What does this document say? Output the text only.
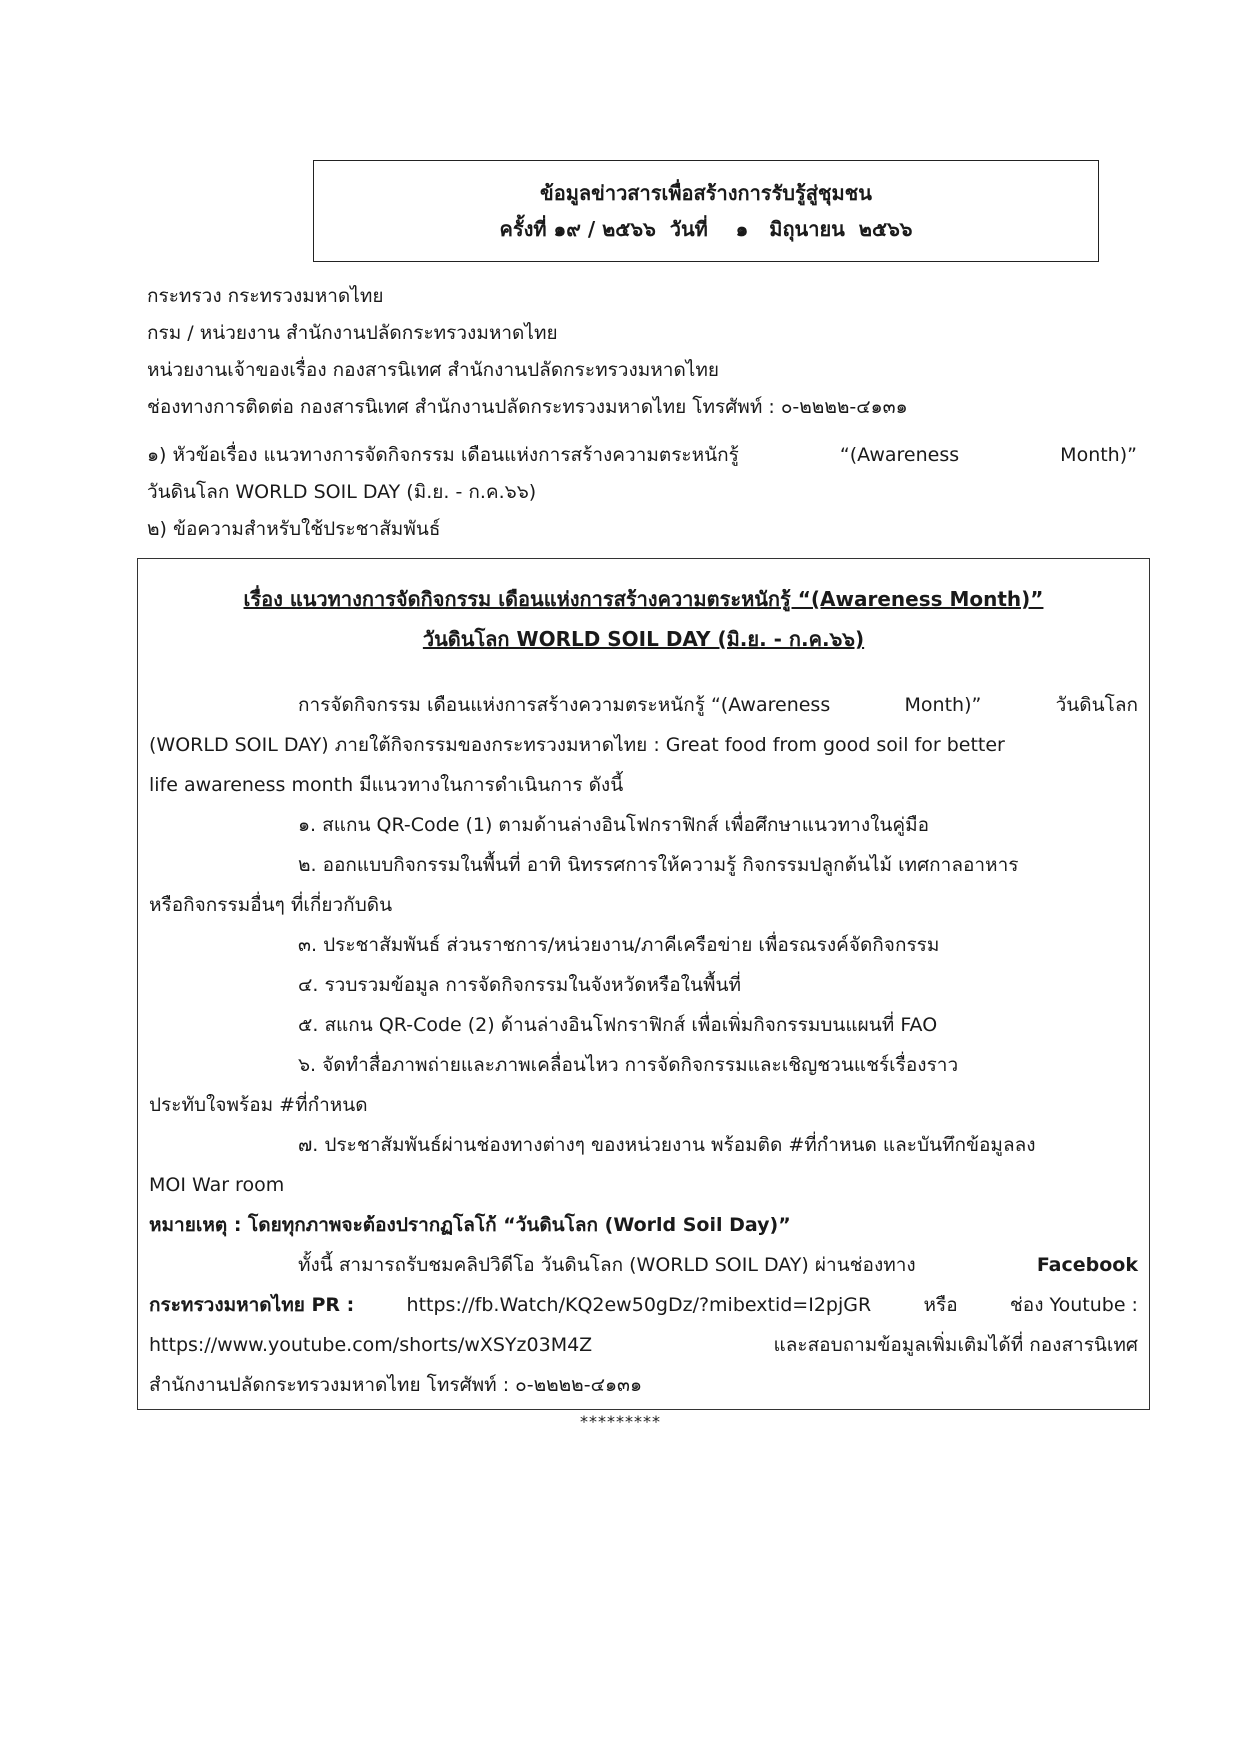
ข้อมูลข่าวสารเพื่อสร้างการรับรู้สู่ชุมชน
ครั้งที่ ๑๙ / ๒๕๖๖  วันที่    ๑   มิถุนายน  ๒๕๖๖
กระทรวง กระทรวงมหาดไทย
กรม / หน่วยงาน สำนักงานปลัดกระทรวงมหาดไทย
หน่วยงานเจ้าของเรื่อง กองสารนิเทศ สำนักงานปลัดกระทรวงมหาดไทย
ช่องทางการติดต่อ กองสารนิเทศ สำนักงานปลัดกระทรวงมหาดไทย โทรศัพท์ : ๐-๒๒๒๒-๔๑๓๑
๑) หัวข้อเรื่อง แนวทางการจัดกิจกรรม เดือนแห่งการสร้างความตระหนักรู้	“(Awareness	Month)”
วันดินโลก WORLD SOIL DAY (มิ.ย. - ก.ค.๖๖)
๒) ข้อความสำหรับใช้ประชาสัมพันธ์
เรื่อง แนวทางการจัดกิจกรรม เดือนแห่งการสร้างความตระหนักรู้ “(Awareness Month)”
วันดินโลก WORLD SOIL DAY (มิ.ย. - ก.ค.๖๖)
การจัดกิจกรรม เดือนแห่งการสร้างความตระหนักรู้ “(Awareness	Month)”	วันดินโลก
(WORLD SOIL DAY) ภายใต้กิจกรรมของกระทรวงมหาดไทย : Great food from good soil for better
life awareness month มีแนวทางในการดำเนินการ ดังนี้
๑. สแกน QR-Code (1) ตามด้านล่างอินโฟกราฟิกส์ เพื่อศึกษาแนวทางในคู่มือ
๒. ออกแบบกิจกรรมในพื้นที่ อาทิ นิทรรศการให้ความรู้ กิจกรรมปลูกต้นไม้ เทศกาลอาหาร
หรือกิจกรรมอื่นๆ ที่เกี่ยวกับดิน
๓. ประชาสัมพันธ์ ส่วนราชการ/หน่วยงาน/ภาคีเครือข่าย เพื่อรณรงค์จัดกิจกรรม
๔. รวบรวมข้อมูล การจัดกิจกรรมในจังหวัดหรือในพื้นที่
๕. สแกน QR-Code (2) ด้านล่างอินโฟกราฟิกส์ เพื่อเพิ่มกิจกรรมบนแผนที่ FAO
๖. จัดทำสื่อภาพถ่ายและภาพเคลื่อนไหว การจัดกิจกรรมและเชิญชวนแชร์เรื่องราว
ประทับใจพร้อม #ที่กำหนด
๗. ประชาสัมพันธ์ผ่านช่องทางต่างๆ ของหน่วยงาน พร้อมติด #ที่กำหนด และบันทึกข้อมูลลง
MOI War room
หมายเหตุ : โดยทุกภาพจะต้องปรากฏโลโก้ “วันดินโลก (World Soil Day)”
ทั้งนี้ สามารถรับชมคลิปวิดีโอ วันดินโลก (WORLD SOIL DAY) ผ่านช่องทาง	Facebook
กระทรวงมหาดไทย PR :	https://fb.Watch/KQ2ew50gDz/?mibextid=I2pjGR	หรือ	ช่อง Youtube :
https://www.youtube.com/shorts/wXSYz03M4Z	และสอบถามข้อมูลเพิ่มเติมได้ที่ กองสารนิเทศ
สำนักงานปลัดกระทรวงมหาดไทย โทรศัพท์ : ๐-๒๒๒๒-๔๑๓๑
*********
